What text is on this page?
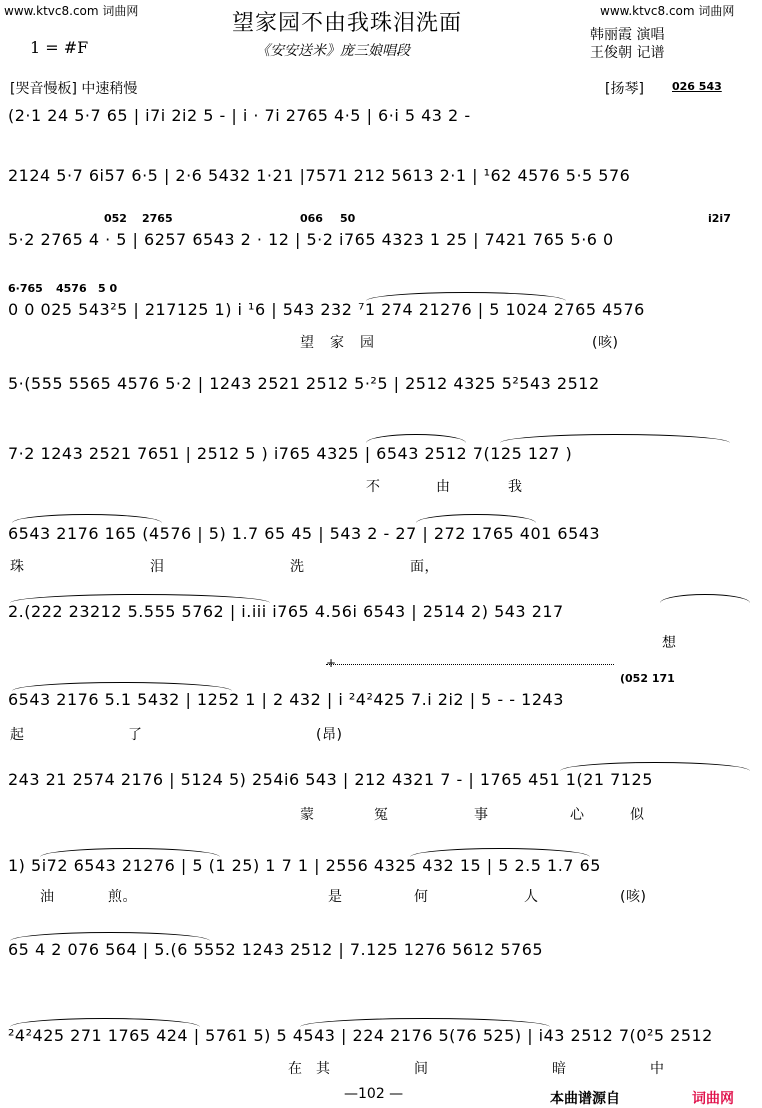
www.ktvc8.com 词曲网	www.ktvc8.com 词曲网
望家园不由我珠泪洗面
《安安送米》庞三娘唱段
1 = #F
韩丽霞 演唱
王俊朝 记谱
[哭音慢板] 中速稍慢	[扬琴]	026 543
(2·1 24 5·7 65 | i7i 2i2 5 - | i · 7i 2765 4·5 | 6·i 5 43 2 -
2124 5·7 6i57 6·5 | 2·6 5432 1·21 |7571 212 5613 2·1 | ¹62 4576 5·5 576
052 2765	066 50	i2i7
5·2 2765 4 · 5 | 6257 6543 2 · 12 | 5·2 i765 4323 1 25 | 7421 765 5·6 0
6·765 4576 5 0
0 0 025 543²5 | 217125 1) i ¹6 | 543 232 ⁷1 274 21276 | 5 1024 2765 4576
望 家 园	(咳)
5·(555 5565 4576 5·2 | 1243 2521 2512 5·²5 | 2512 4325 5²543 2512
7·2 1243 2521 7651 | 2512 5 ) i765 4325 | 6543 2512 7(125 127 )
不	由	我
6543 2176 165 (4576 | 5) 1.7 65 45 | 543 2 - 27 | 272 1765 401 6543
珠	泪	洗	面，
2.(222 23212 5.555 5762 | i.iii i765 4.56i 6543 | 2514 2) 543 217
想
(052 171
6543 2176 5.1 5432 | 1252 1 | 2 432 | i ²4²425 7.i 2i2 | 5 - - 1243
起	了	(昂)
243 21 2574 2176 | 5124 5) 254i6 543 | 212 4321 7 - | 1765 451 1(21 7125
蒙	冤	事	心	似
1) 5i72 6543 21276 | 5 (1 25) 1 7 1 | 2556 4325 432 15 | 5 2.5 1.7 65
油	煎。	是	何	人	(咳)
65 4 2 076 564 | 5.(6 5552 1243 2512 | 7.125 1276 5612 5765
²4²425 271 1765 424 | 5761 5) 5 4543 | 224 2176 5(76 525) | i43 2512 7(0²5 2512
在 其	间	暗	中
+
—102 —	本曲谱源自	词曲网
